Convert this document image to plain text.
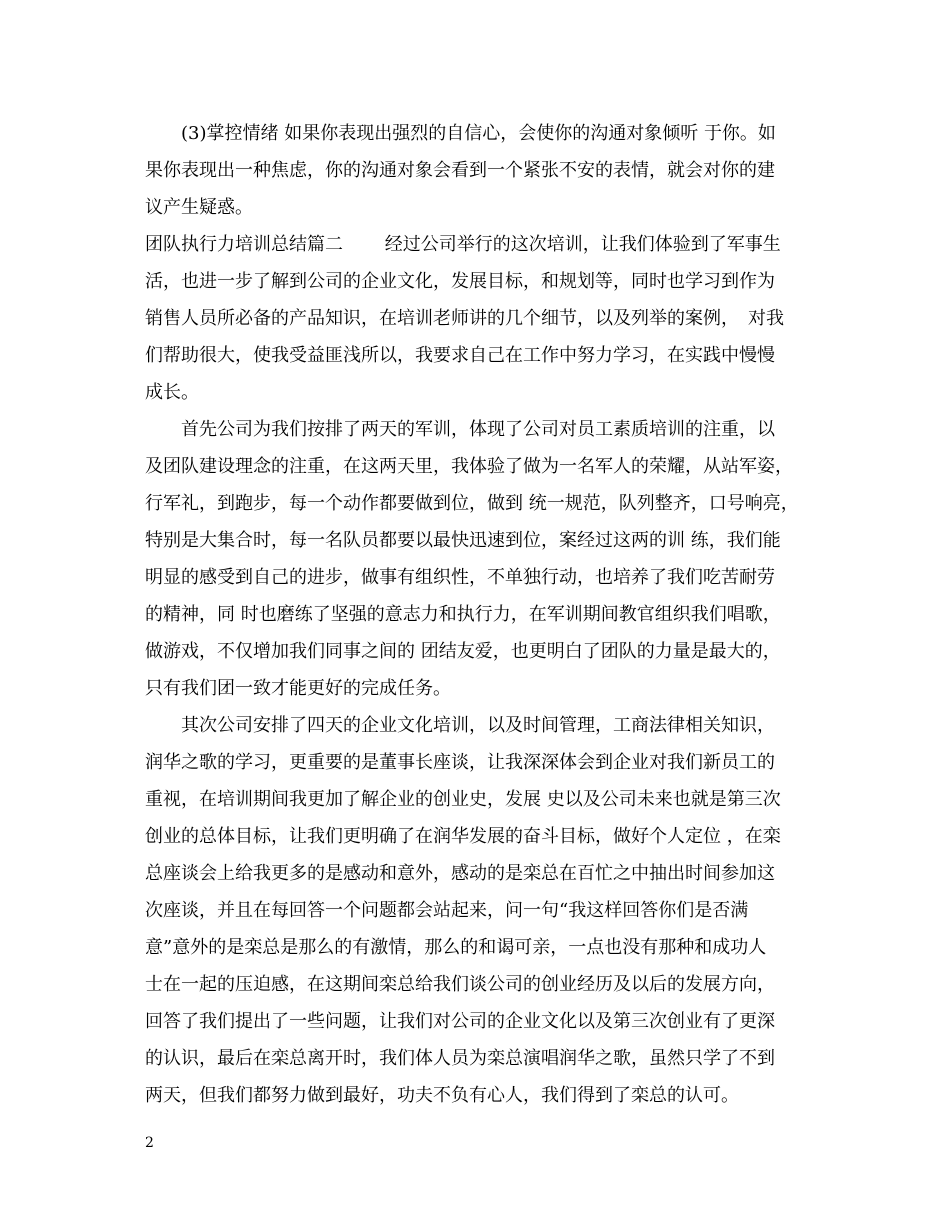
(3)掌控情绪 如果你表现出强烈的自信心，会使你的沟通对象倾听 于你。如
果你表现出一种焦虑，你的沟通对象会看到一个紧张不安的表情，就会对你的建
议产生疑惑。
团队执行力培训总结篇二　　 经过公司举行的这次培训，让我们体验到了军事生
活，也进一步了解到公司的企业文化，发展目标，和规划等，同时也学习到作为
销售人员所必备的产品知识，在培训老师讲的几个细节，以及列举的案例，　对我
们帮助很大，使我受益匪浅所以，我要求自己在工作中努力学习，在实践中慢慢
成长。
首先公司为我们按排了两天的军训，体现了公司对员工素质培训的注重，以
及团队建设理念的注重，在这两天里，我体验了做为一名军人的荣耀，从站军姿，
行军礼，到跑步，每一个动作都要做到位，做到 统一规范，队列整齐，口号响亮，
特别是大集合时，每一名队员都要以最快迅速到位，案经过这两的训 练，我们能
明显的感受到自己的进步，做事有组织性，不单独行动，也培养了我们吃苦耐劳
的精神，同 时也磨练了坚强的意志力和执行力，在军训期间教官组织我们唱歌，
做游戏，不仅增加我们同事之间的 团结友爱，也更明白了团队的力量是最大的，
只有我们团一致才能更好的完成任务。
其次公司安排了四天的企业文化培训，以及时间管理，工商法律相关知识，
润华之歌的学习，更重要的是董事长座谈，让我深深体会到企业对我们新员工的
重视，在培训期间我更加了解企业的创业史，发展 史以及公司未来也就是第三次
创业的总体目标，让我们更明确了在润华发展的奋斗目标，做好个人定位 ，在栾
总座谈会上给我更多的是感动和意外，感动的是栾总在百忙之中抽出时间参加这
次座谈，并且在每回答一个问题都会站起来，问一句“我这样回答你们是否满
意”意外的是栾总是那么的有激情，那么的和谒可亲，一点也没有那种和成功人
士在一起的压迫感，在这期间栾总给我们谈公司的创业经历及以后的发展方向，
回答了我们提出了一些问题，让我们对公司的企业文化以及第三次创业有了更深
的认识，最后在栾总离开时，我们体人员为栾总演唱润华之歌，虽然只学了不到
两天，但我们都努力做到最好，功夫不负有心人，我们得到了栾总的认可。
2
